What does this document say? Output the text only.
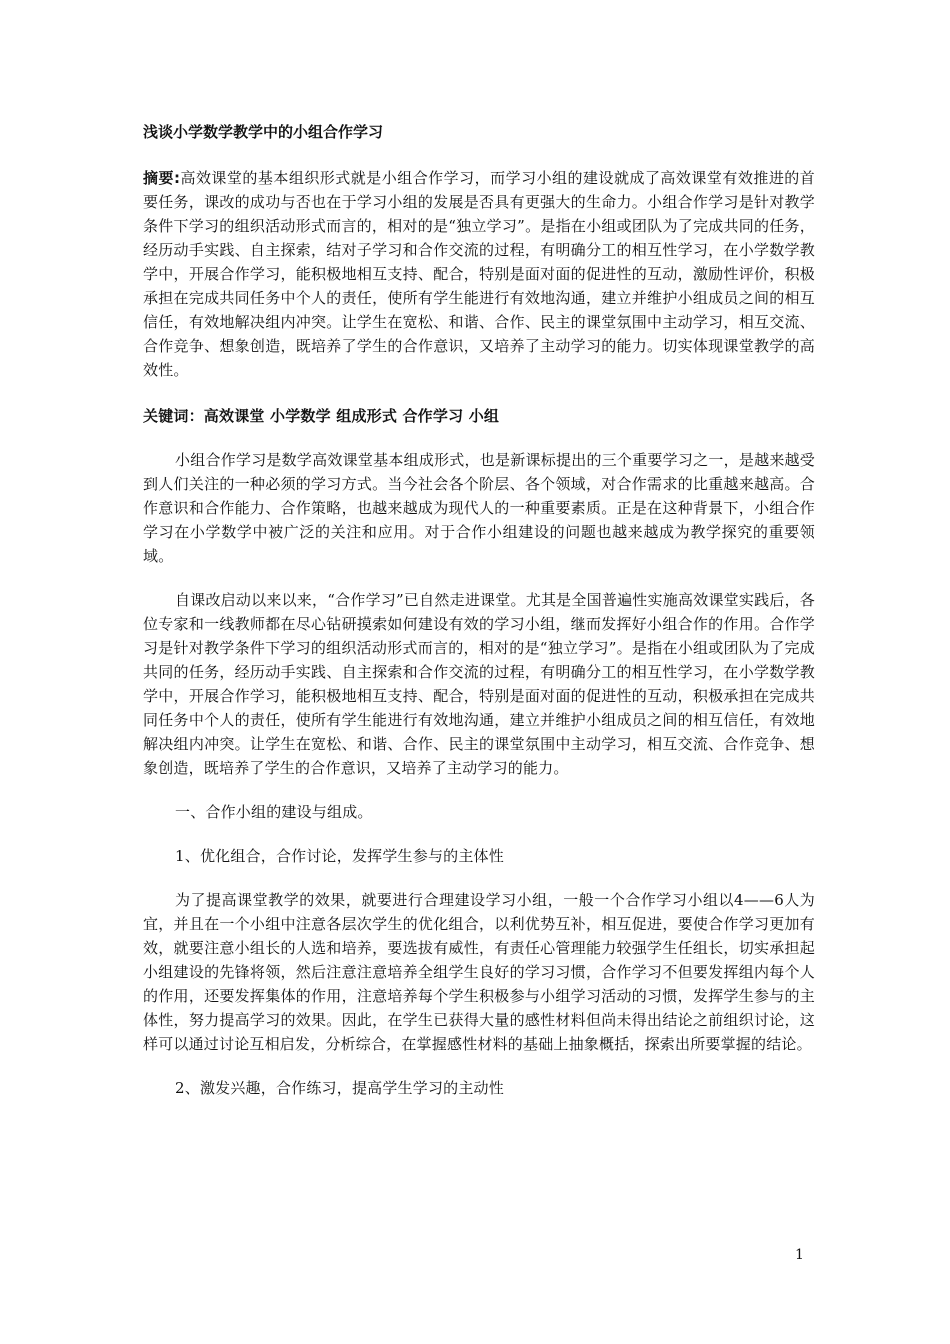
浅谈小学数学教学中的小组合作学习

摘要:高效课堂的基本组织形式就是小组合作学习，而学习小组的建设就成了高效课堂有效推进的首要任务，课改的成功与否也在于学习小组的发展是否具有更强大的生命力。小组合作学习是针对教学条件下学习的组织活动形式而言的，相对的是“独立学习”。是指在小组或团队为了完成共同的任务，经历动手实践、自主探索，结对子学习和合作交流的过程，有明确分工的相互性学习，在小学数学教学中，开展合作学习，能积极地相互支持、配合，特别是面对面的促进性的互动，激励性评价，积极承担在完成共同任务中个人的责任，使所有学生能进行有效地沟通，建立并维护小组成员之间的相互信任，有效地解决组内冲突。让学生在宽松、和谐、合作、民主的课堂氛围中主动学习，相互交流、合作竞争、想象创造，既培养了学生的合作意识，又培养了主动学习的能力。切实体现课堂教学的高效性。

关键词：高效课堂 小学数学 组成形式 合作学习 小组

小组合作学习是数学高效课堂基本组成形式，也是新课标提出的三个重要学习之一，是越来越受到人们关注的一种必须的学习方式。当今社会各个阶层、各个领域，对合作需求的比重越来越高。合作意识和合作能力、合作策略，也越来越成为现代人的一种重要素质。正是在这种背景下，小组合作学习在小学数学中被广泛的关注和应用。对于合作小组建设的问题也越来越成为教学探究的重要领域。

自课改启动以来以来，“合作学习”已自然走进课堂。尤其是全国普遍性实施高效课堂实践后，各位专家和一线教师都在尽心钻研摸索如何建设有效的学习小组，继而发挥好小组合作的作用。合作学习是针对教学条件下学习的组织活动形式而言的，相对的是“独立学习”。是指在小组或团队为了完成共同的任务，经历动手实践、自主探索和合作交流的过程，有明确分工的相互性学习，在小学数学教学中，开展合作学习，能积极地相互支持、配合，特别是面对面的促进性的互动，积极承担在完成共同任务中个人的责任，使所有学生能进行有效地沟通，建立并维护小组成员之间的相互信任，有效地解决组内冲突。让学生在宽松、和谐、合作、民主的课堂氛围中主动学习，相互交流、合作竞争、想象创造，既培养了学生的合作意识，又培养了主动学习的能力。

一、合作小组的建设与组成。

1、优化组合，合作讨论，发挥学生参与的主体性

为了提高课堂教学的效果，就要进行合理建设学习小组，一般一个合作学习小组以4——6人为宜，并且在一个小组中注意各层次学生的优化组合，以利优势互补，相互促进，要使合作学习更加有效，就要注意小组长的人选和培养，要选拔有威性，有责任心管理能力较强学生任组长，切实承担起小组建设的先锋将领，然后注意注意培养全组学生良好的学习习惯，合作学习不但要发挥组内每个人的作用，还要发挥集体的作用，注意培养每个学生积极参与小组学习活动的习惯，发挥学生参与的主体性，努力提高学习的效果。因此，在学生已获得大量的感性材料但尚未得出结论之前组织讨论，这样可以通过讨论互相启发，分析综合，在掌握感性材料的基础上抽象概括，探索出所要掌握的结论。

2、激发兴趣，合作练习，提高学生学习的主动性

1
